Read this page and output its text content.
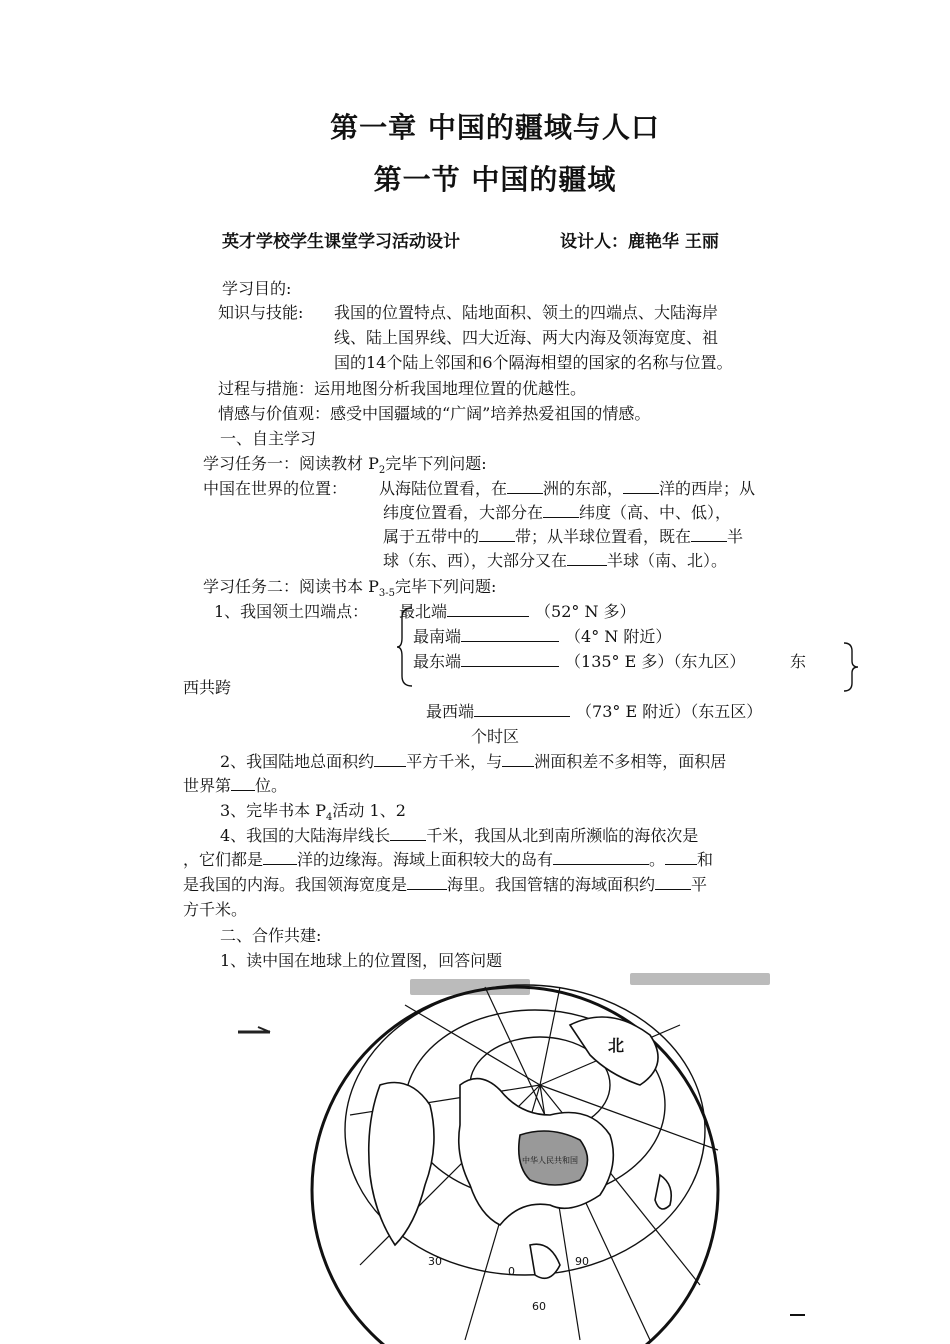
第一章 中国的疆域与人口
第一节 中国的疆域
英才学校学生课堂学习活动设计	设计人：鹿艳华 王丽
学习目的:
知识与技能: 我国的位置特点、陆地面积、领土的四端点、大陆海岸
线、陆上国界线、四大近海、两大内海及领海宽度、祖
国的14个陆上邻国和6个隔海相望的国家的名称与位置。
过程与措施：运用地图分析我国地理位置的优越性。
情感与价值观：感受中国疆域的“广阔”培养热爱祖国的情感。
一、自主学习
学习任务一：阅读教材 $P_2$完毕下列问题:
中国在世界的位置： 从海陆位置看，在 洲的东部， 洋的西岸；从
纬度位置看，大部分在 纬度（高、中、低），
属于五带中的 带；从半球位置看，既在 半
球（东、西），大部分又在	半球（南、北）。
学习任务二：阅读书本 $P_{3-5}$完毕下列问题:
1、我国领土四端点： 最北端	（52° N 多）
最南端	（4° N 附近）
最东端	（135° E 多）（东九区）	东
西共跨
最西端	（73° E 附近）（东五区）
个时区
2、我国陆地总面积约 平方千米，与 洲面积差不多相等，面积居
世界第 位。
3、完毕书本 $P_4$活动 1、2
4、我国的大陆海岸线长 千米，我国从北到南所濒临的海依次是
，它们都是 洋的边缘海。海域上面积较大的岛有	。 和
是我国的内海。我国领海宽度是	海里。我国管辖的海域面积约 平
方千米。
二、合作共建:
1、读中国在地球上的位置图，回答问题
北
中华人民共和国
60
30
0
90
